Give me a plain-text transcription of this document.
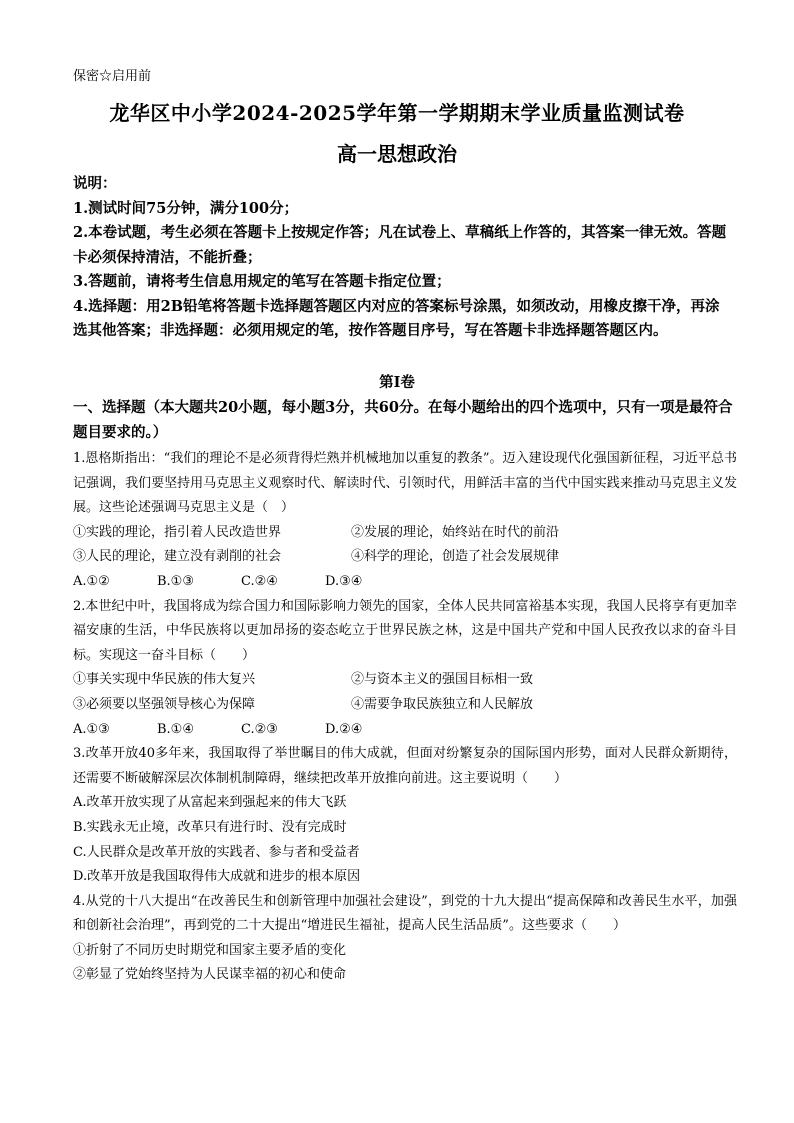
保密☆启用前
龙华区中小学2024-2025学年第一学期期末学业质量监测试卷
高一思想政治
说明：
1.测试时间75分钟，满分100分；
2.本卷试题，考生必须在答题卡上按规定作答；凡在试卷上、草稿纸上作答的，其答案一律无效。答题卡必须保持清洁，不能折叠；
3.答题前，请将考生信息用规定的笔写在答题卡指定位置；
4.选择题：用2B铅笔将答题卡选择题答题区内对应的答案标号涂黑，如须改动，用橡皮擦干净，再涂选其他答案；非选择题：必须用规定的笔，按作答题目序号，写在答题卡非选择题答题区内。
第Ⅰ卷
一、选择题（本大题共20小题，每小题3分，共60分。在每小题给出的四个选项中，只有一项是最符合题目要求的。）
1.恩格斯指出：“我们的理论不是必须背得烂熟并机械地加以重复的教条”。迈入建设现代化强国新征程，习近平总书记强调，我们要坚持用马克思主义观察时代、解读时代、引领时代，用鲜活丰富的当代中国实践来推动马克思主义发展。这些论述强调马克思主义是（　）
①实践的理论，指引着人民改造世界	②发展的理论，始终站在时代的前沿
③人民的理论，建立没有剥削的社会	④科学的理论，创造了社会发展规律
A.①②	B.①③	C.②④	D.③④
2.本世纪中叶，我国将成为综合国力和国际影响力领先的国家，全体人民共同富裕基本实现，我国人民将享有更加幸福安康的生活，中华民族将以更加昂扬的姿态屹立于世界民族之林，这是中国共产党和中国人民孜孜以求的奋斗目标。实现这一奋斗目标（　　）
①事关实现中华民族的伟大复兴	②与资本主义的强国目标相一致
③必须要以坚强领导核心为保障	④需要争取民族独立和人民解放
A.①③	B.①④	C.②③	D.②④
3.改革开放40多年来，我国取得了举世瞩目的伟大成就，但面对纷繁复杂的国际国内形势，面对人民群众新期待，还需要不断破解深层次体制机制障碍，继续把改革开放推向前进。这主要说明（　　）
A.改革开放实现了从富起来到强起来的伟大飞跃
B.实践永无止境，改革只有进行时、没有完成时
C.人民群众是改革开放的实践者、参与者和受益者
D.改革开放是我国取得伟大成就和进步的根本原因
4.从党的十八大提出“在改善民生和创新管理中加强社会建设”，到党的十九大提出“提高保障和改善民生水平，加强和创新社会治理”，再到党的二十大提出“增进民生福祉，提高人民生活品质”。这些要求（　　）
①折射了不同历史时期党和国家主要矛盾的变化
②彰显了党始终坚持为人民谋幸福的初心和使命
